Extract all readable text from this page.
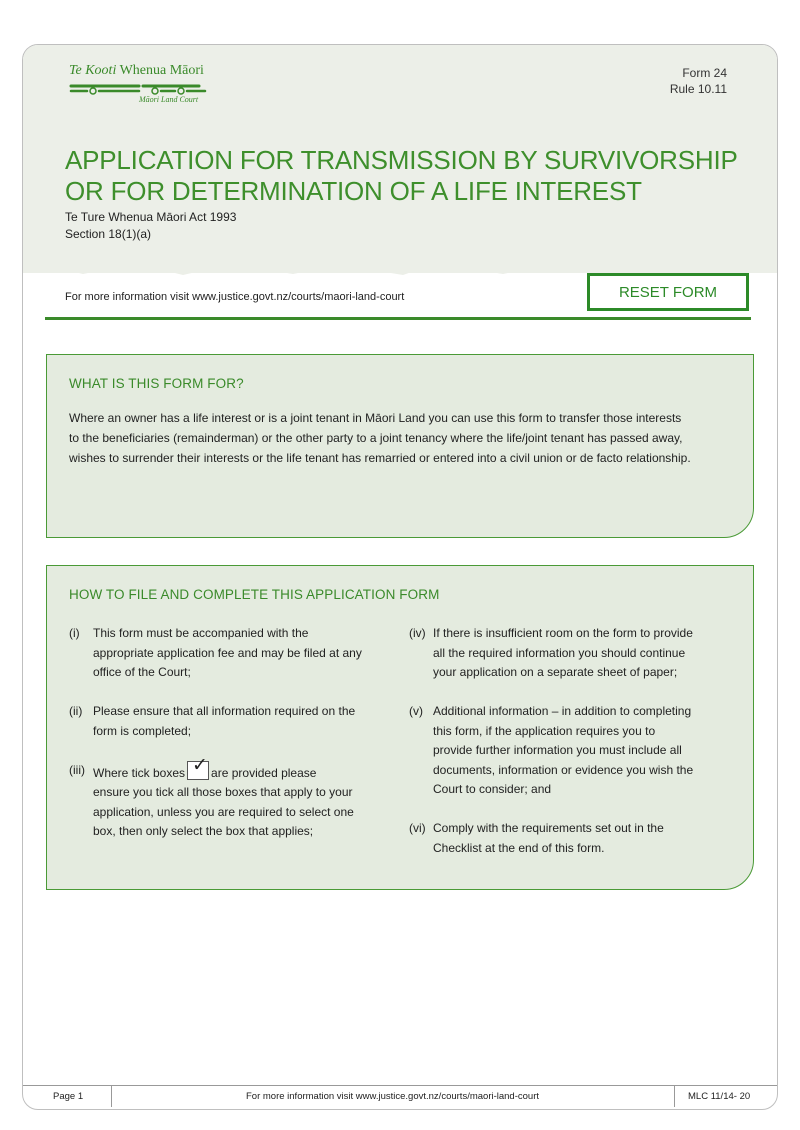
Te Kooti Whenua Māori
Māori Land Court
Form 24
Rule 10.11
APPLICATION FOR TRANSMISSION BY SURVIVORSHIP
OR FOR DETERMINATION OF A LIFE INTEREST
Te Ture Whenua Māori Act 1993
Section 18(1)(a)
For more information visit www.justice.govt.nz/courts/maori-land-court	RESET FORM
WHAT IS THIS FORM FOR?
Where an owner has a life interest or is a joint tenant in Māori Land you can use this form to transfer those interests
to the beneficiaries (remainderman) or the other party to a joint tenancy where the life/joint tenant has passed away,
wishes to surrender their interests or the life tenant has remarried or entered into a civil union or de facto relationship.
HOW TO FILE AND COMPLETE THIS APPLICATION FORM
(i) This form must be accompanied with the
appropriate application fee and may be filed at any
office of the Court;
(ii) Please ensure that all information required on the
form is completed;
(iii) Where tick boxes ✓ are provided please
ensure you tick all those boxes that apply to your
application, unless you are required to select one
box, then only select the box that applies;
(iv) If there is insufficient room on the form to provide
all the required information you should continue
your application on a separate sheet of paper;
(v) Additional information – in addition to completing
this form, if the application requires you to
provide further information you must include all
documents, information or evidence you wish the
Court to consider; and
(vi) Comply with the requirements set out in the
Checklist at the end of this form.
Page 1	For more information visit www.justice.govt.nz/courts/maori-land-court	MLC 11/14- 20
